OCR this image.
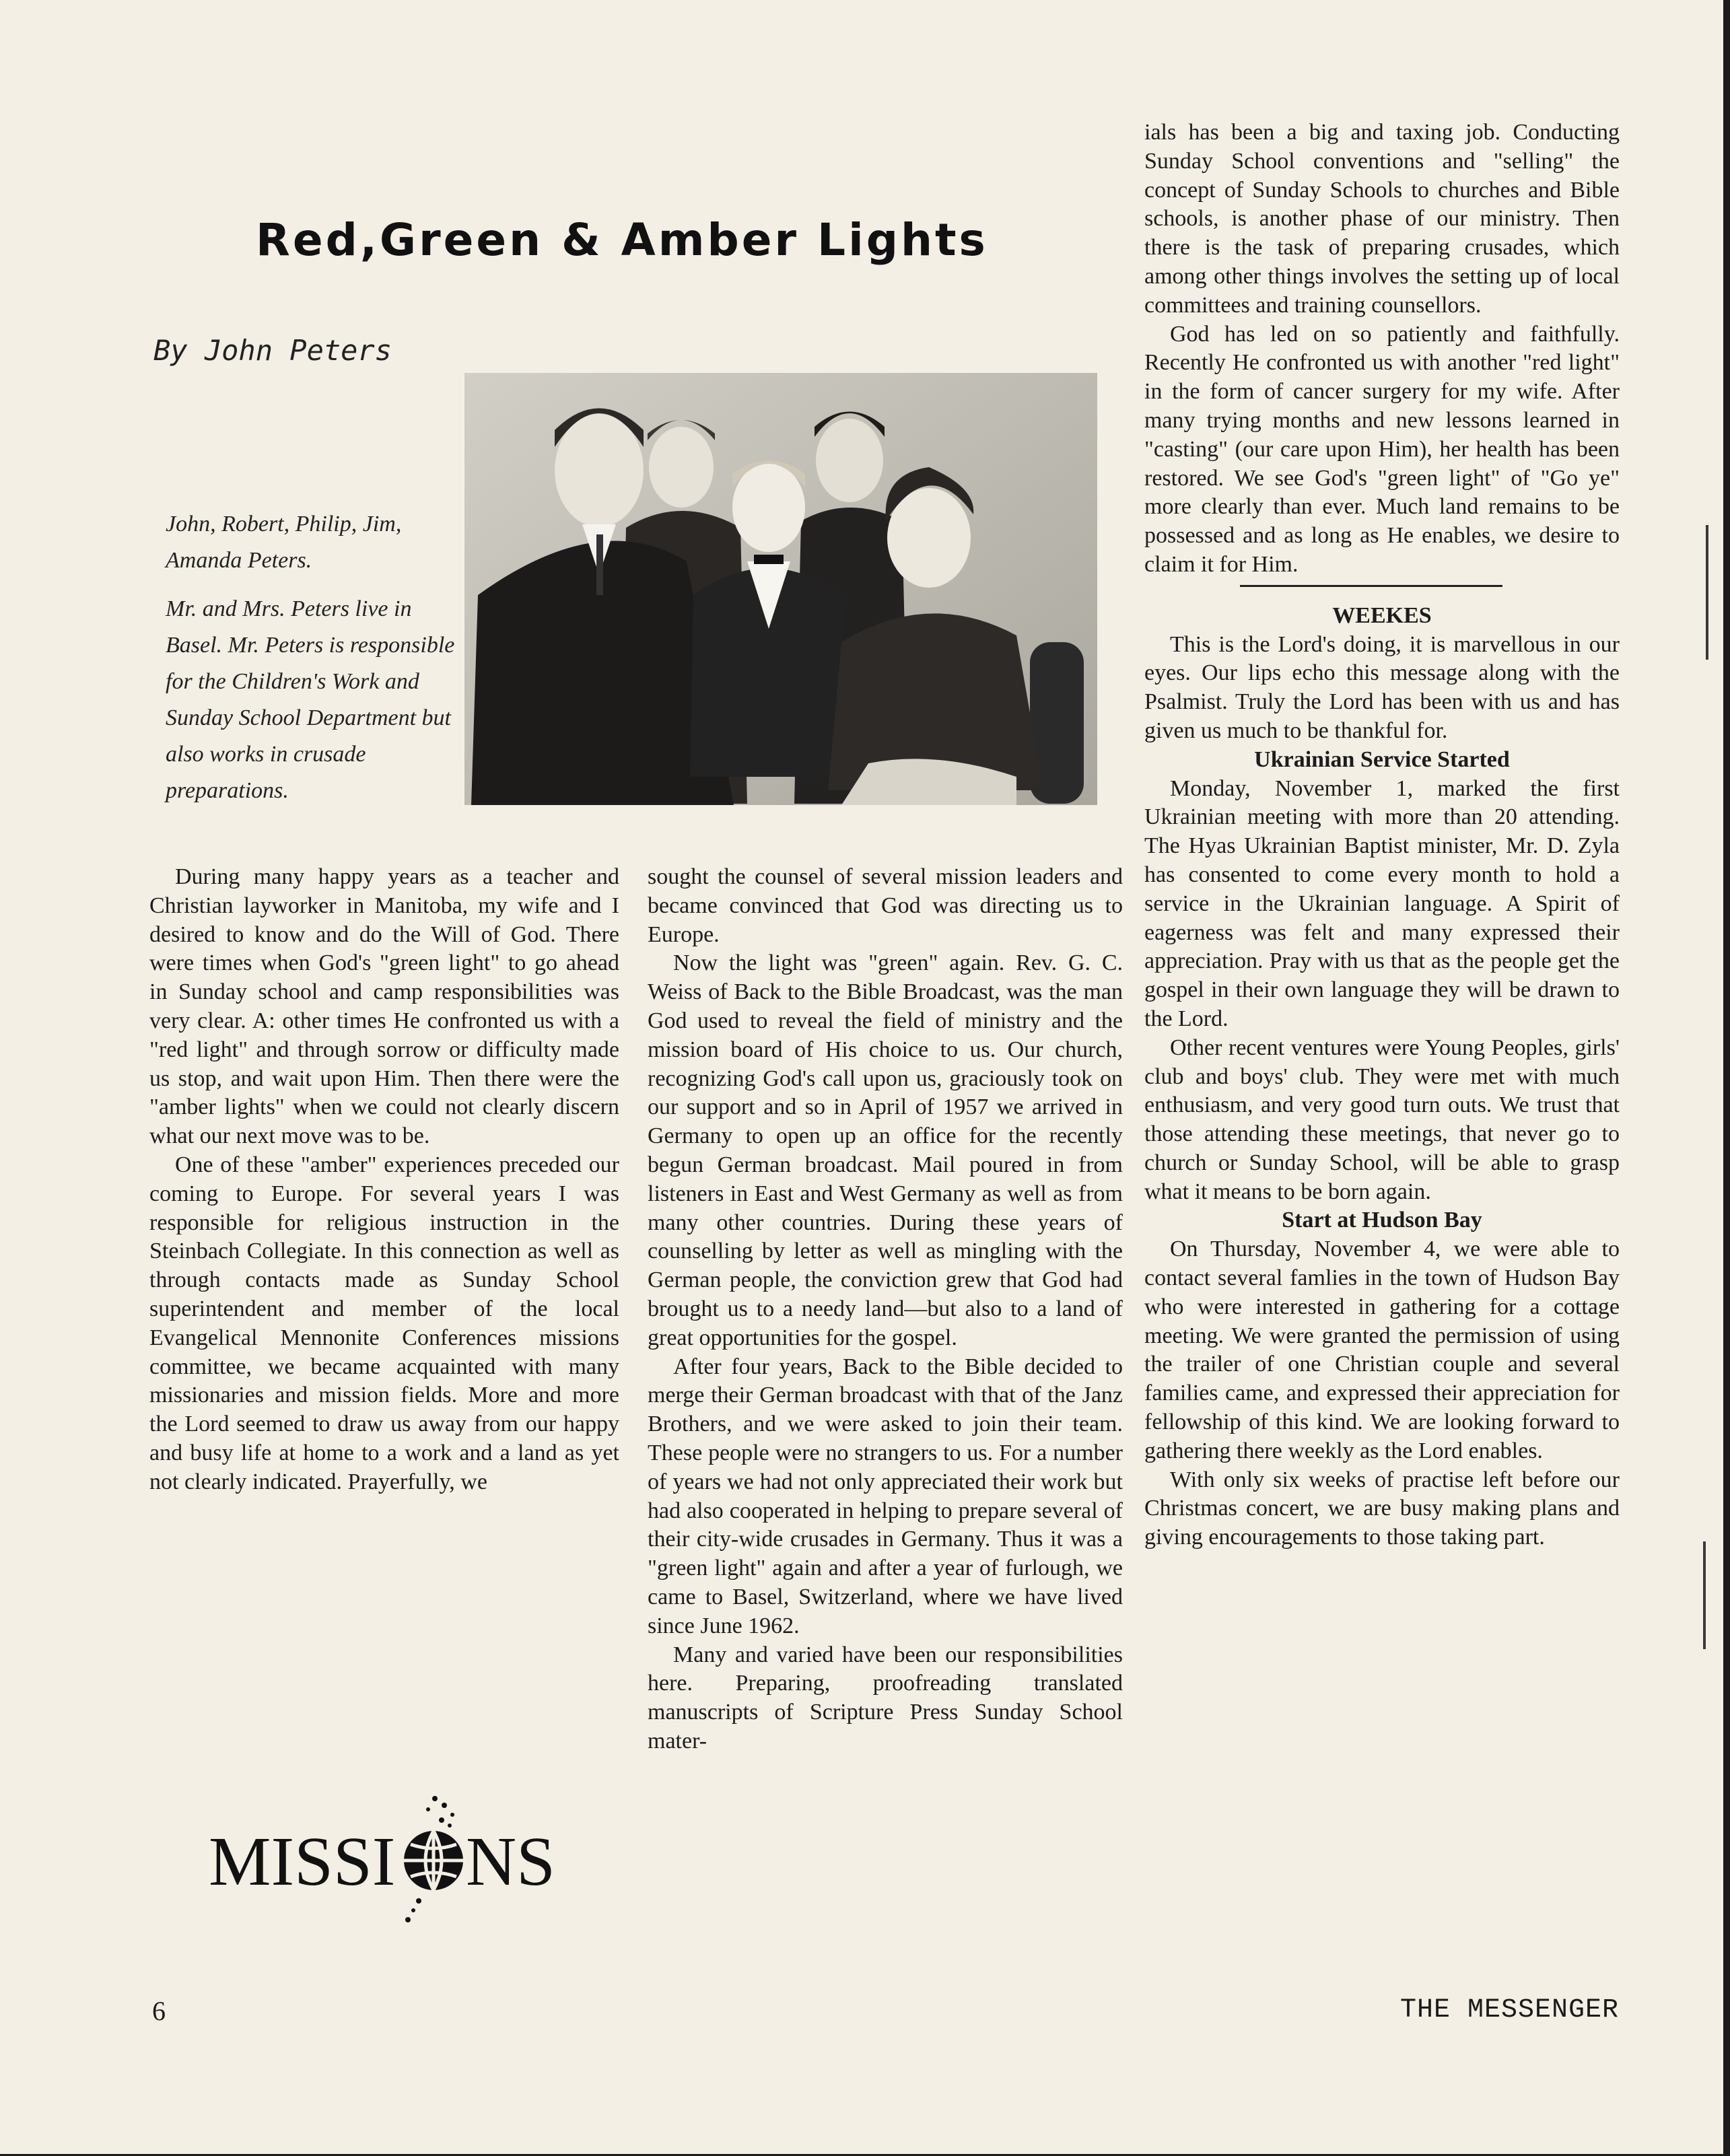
Red,Green & Amber Lights
By John Peters

John, Robert, Philip, Jim, Amanda Peters.

Mr. and Mrs. Peters live in Basel. Mr. Peters is responsible for the Children's Work and Sunday School Department but also works in crusade preparations.

During many happy years as a teacher and Christian layworker in Manitoba, my wife and I desired to know and do the Will of God. There were times when God's "green light" to go ahead in Sunday school and camp responsibilities was very clear. A: other times He confronted us with a "red light" and through sorrow or difficulty made us stop, and wait upon Him. Then there were the "amber lights" when we could not clearly discern what our next move was to be.

One of these "amber" experiences preceded our coming to Europe. For several years I was responsible for religious instruction in the Steinbach Collegiate. In this connection as well as through contacts made as Sunday School superintendent and member of the local Evangelical Mennonite Conferences missions committee, we became acquainted with many missionaries and mission fields. More and more the Lord seemed to draw us away from our happy and busy life at home to a work and a land as yet not clearly indicated. Prayerfully, we

sought the counsel of several mission leaders and became convinced that God was directing us to Europe.

Now the light was "green" again. Rev. G. C. Weiss of Back to the Bible Broadcast, was the man God used to reveal the field of ministry and the mission board of His choice to us. Our church, recognizing God's call upon us, graciously took on our support and so in April of 1957 we arrived in Germany to open up an office for the recently begun German broadcast. Mail poured in from listeners in East and West Germany as well as from many other countries. During these years of counselling by letter as well as mingling with the German people, the conviction grew that God had brought us to a needy land—but also to a land of great opportunities for the gospel.

After four years, Back to the Bible decided to merge their German broadcast with that of the Janz Brothers, and we were asked to join their team. These people were no strangers to us. For a number of years we had not only appreciated their work but had also cooperated in helping to prepare several of their city-wide crusades in Germany. Thus it was a "green light" again and after a year of furlough, we came to Basel, Switzerland, where we have lived since June 1962.

Many and varied have been our responsibilities here. Preparing, proofreading translated manuscripts of Scripture Press Sunday School mater-

ials has been a big and taxing job. Conducting Sunday School conventions and "selling" the concept of Sunday Schools to churches and Bible schools, is another phase of our ministry. Then there is the task of preparing crusades, which among other things involves the setting up of local committees and training counsellors.

God has led on so patiently and faithfully. Recently He confronted us with another "red light" in the form of cancer surgery for my wife. After many trying months and new lessons learned in "casting" (our care upon Him), her health has been restored. We see God's "green light" of "Go ye" more clearly than ever. Much land remains to be possessed and as long as He enables, we desire to claim it for Him.

WEEKES

This is the Lord's doing, it is marvellous in our eyes. Our lips echo this message along with the Psalmist. Truly the Lord has been with us and has given us much to be thankful for.

Ukrainian Service Started

Monday, November 1, marked the first Ukrainian meeting with more than 20 attending. The Hyas Ukrainian Baptist minister, Mr. D. Zyla has consented to come every month to hold a service in the Ukrainian language. A Spirit of eagerness was felt and many expressed their appreciation. Pray with us that as the people get the gospel in their own language they will be drawn to the Lord.

Other recent ventures were Young Peoples, girls' club and boys' club. They were met with much enthusiasm, and very good turn outs. We trust that those attending these meetings, that never go to church or Sunday School, will be able to grasp what it means to be born again.

Start at Hudson Bay

On Thursday, November 4, we were able to contact several famlies in the town of Hudson Bay who were interested in gathering for a cottage meeting. We were granted the permission of using the trailer of one Christian couple and several families came, and expressed their appreciation for fellowship of this kind. We are looking forward to gathering there weekly as the Lord enables.

With only six weeks of practise left before our Christmas concert, we are busy making plans and giving encouragements to those taking part.

MISSI NS
6	THE MESSENGER
